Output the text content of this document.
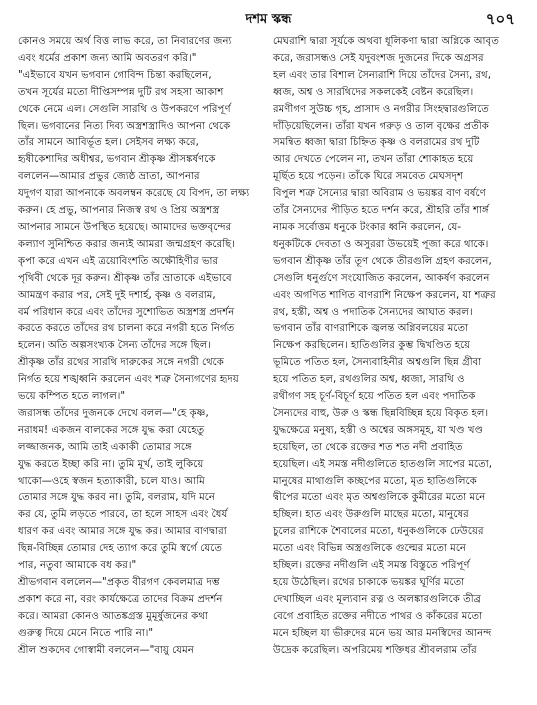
দশম স্কন্ধ	৭০৭
কোনও সময়ে অর্থ বিত্ত লাভ করে, তা নিবারণের জন্য
এবং ধর্মের প্রকাশ জন্য আমি অবতরণ করি।"
"এইভাবে যখন ভগবান গোবিন্দ চিন্তা করছিলেন,
তখন সূর্যের মতো দীপ্তিসম্পন্ন দুটি রথ সহসা আকাশ
থেকে নেমে এল। সেগুলি সারথি ও উপকরণে পরিপূর্ণ
ছিল। ভগবানের নিত্য দিব্য অস্ত্রশস্ত্রাদিও আপনা থেকে
তাঁর সামনে আবির্ভূত হল। সেইসব লক্ষ্য করে,
হৃষীকেশাদির অধীশ্বর, ভগবান শ্রীকৃষ্ণ শ্রীসঙ্কর্ষণকে
বললেন—আমার প্রভুর জ্যেষ্ঠ ভ্রাতা, আপনার
যদুগণ যারা আপনাকে অবলম্বন করেছে যে বিপদ, তা লক্ষ্য
করুন। হে প্রভু, আপনার নিজস্ব রথ ও প্রিয় অস্ত্রশস্ত্র
আপনার সামনে উপস্থিত হয়েছে। আমাদের ভক্তবৃন্দের
কল্যাণ সুনিশ্চিত করার জন্যই আমরা জন্মগ্রহণ করেছি।
কৃপা করে এখন এই ত্রয়োবিংশতি অক্ষৌহিণীর ভার
পৃথিবী থেকে দূর করুন। শ্রীকৃষ্ণ তাঁর ভ্রাতাকে এইভাবে
আমন্ত্রণ করার পর, সেই দুই দশার্হ, কৃষ্ণ ও বলরাম,
বর্ম পরিধান করে এবং তাঁদের সুশোভিত অস্ত্রশস্ত্র প্রদর্শন
করতে করতে তাঁদের রথ চালনা করে নগরী হতে নির্গত
হলেন। অতি অল্পসংখ্যক সৈন্য তাঁদের সঙ্গে ছিল।
শ্রীকৃষ্ণ তাঁর রথের সারথি দারুকের সঙ্গে নগরী থেকে
নির্গত হয়ে শঙ্খধ্বনি করলেন এবং শত্রু সৈন্যগণের হৃদয়
ভয়ে কম্পিত হতে লাগল।"
জরাসন্ধ তাঁদের দুজনকে দেখে বলল—"হে কৃষ্ণ,
নরাধম! একজন বালকের সঙ্গে যুদ্ধ করা যেহেতু
লজ্জাজনক, আমি তাই একাকী তোমার সঙ্গে
যুদ্ধ করতে ইচ্ছা করি না। তুমি মূর্খ, তাই লুকিয়ে
থাকো—ওহে স্বজন হত্যাকারী, চলে যাও। আমি
তোমার সঙ্গে যুদ্ধ করব না। তুমি, বলরাম, যদি মনে
কর যে, তুমি লড়তে পারবে, তা হলে সাহস এবং ধৈর্য
ধারণ কর এবং আমার সঙ্গে যুদ্ধ কর। আমার বাণদ্বারা
ছিন্ন-বিচ্ছিন্ন তোমার দেহ ত্যাগ করে তুমি স্বর্গে যেতে
পার, নতুবা আমাকে বধ কর।"
শ্রীভগবান বললেন—"প্রকৃত বীরগণ কেবলমাত্র দম্ভ
প্রকাশ করে না, বরং কার্যক্ষেত্রে তাদের বিক্রম প্রদর্শন
করে। আমরা কোনও আতঙ্কগ্রস্ত মুমূর্ষুজনের কথা
গুরুত্ব দিয়ে মেনে নিতে পারি না।"
শ্রীল শুকদেব গোস্বামী বললেন—"বায়ু যেমন
মেঘরাশি দ্বারা সূর্যকে অথবা ধূলিকণা দ্বারা অগ্নিকে আবৃত
করে, জরাসন্ধও সেই যদুবংশজ দুজনের দিকে অগ্রসর
হল এবং তার বিশাল সৈন্যরাশি দিয়ে তাঁদের সৈন্য, রথ,
ধ্বজ, অশ্ব ও সারথিদের সকলকেই বেষ্টন করেছিল।
রমণীগণ সুউচ্চ গৃহ, প্রাসাদ ও নগরীর সিংহদ্বারগুলিতে
দাঁড়িয়েছিলেন। তাঁরা যখন গরুড় ও তাল বৃক্ষের প্রতীক
সমন্বিত ধ্বজা দ্বারা চিহ্নিত কৃষ্ণ ও বলরামের রথ দুটি
আর দেখতে পেলেন না, তখন তাঁরা শোকাহত হয়ে
মূর্ছিত হয়ে পড়েন। তাঁকে ঘিরে সমবেত মেঘসদৃশ
বিপুল শত্রু সৈন্যের দ্বারা অবিরাম ও ভয়ঙ্কর বাণ বর্ষণে
তাঁর সৈন্যদের পীড়িত হতে দর্শন করে, শ্রীহরি তাঁর শার্ঙ্গ
নামক সর্বোত্তম ধনুকে টংকার ধ্বনি করলেন, যে-
ধনুকটিকে দেবতা ও অসুররা উভয়েই পূজা করে থাকে।
ভগবান শ্রীকৃষ্ণ তাঁর তূণ থেকে তীরগুলি গ্রহণ করলেন,
সেগুলি ধনুর্গুণে সংযোজিত করলেন, আকর্ষণ করলেন
এবং অগণিত শাণিত বাণরাশি নিক্ষেপ করলেন, যা শত্রুর
রথ, হস্তী, অশ্ব ও পদাতিক সৈন্যদের আঘাত করল।
ভগবান তাঁর বাণরাশিকে জ্বলন্ত অগ্নিবলয়ের মতো
নিক্ষেপ করছিলেন। হাতিগুলির কুম্ভ দ্বিখণ্ডিত হয়ে
ভূমিতে পতিত হল, সৈন্যবাহিনীর অশ্বগুলি ছিন্ন গ্রীবা
হয়ে পতিত হল, রথগুলির অশ্ব, ধ্বজা, সারথি ও
রথীগণ সহ চূর্ণ-বিচূর্ণ হয়ে পতিত হল এবং পদাতিক
সৈন্যদের বাহু, উরু ও স্কন্ধ ছিন্নবিচ্ছিন্ন হয়ে বিকৃত হল।
যুদ্ধক্ষেত্রে মনুষ্য, হস্তী ও অশ্বের অঙ্গসমূহ, যা খণ্ড খণ্ড
হয়েছিল, তা থেকে রক্তের শত শত নদী প্রবাহিত
হয়েছিল। এই সমস্ত নদীগুলিতে হাতগুলি সাপের মতো,
মানুষের মাথাগুলি কচ্ছপের মতো, মৃত হাতিগুলিকে
দ্বীপের মতো এবং মৃত অশ্বগুলিকে কুমীরের মতো মনে
হচ্ছিল। হাত এবং উরুগুলি মাছের মতো, মানুষের
চুলের রাশিকে শৈবালের মতো, ধনুকগুলিকে ঢেউয়ের
মতো এবং বিভিন্ন অস্ত্রগুলিকে গুল্মের মতো মনে
হচ্ছিল। রক্তের নদীগুলি এই সমস্ত বিস্তুতে পরিপূর্ণ
হয়ে উঠেছিল। রথের চাকাকে ভয়ঙ্কর ঘূর্ণির মতো
দেখাচ্ছিল এবং মূল্যবান রত্ন ও অলঙ্কারগুলিকে তীব্র
বেগে প্রবাহিত রক্তের নদীতে পাথর ও কাঁকরের মতো
মনে হচ্ছিল যা ভীরুদের মনে ভয় আর মনস্বিদের আনন্দ
উদ্রেক করেছিল। অপরিমেয় শক্তিধর শ্রীবলরাম তাঁর
